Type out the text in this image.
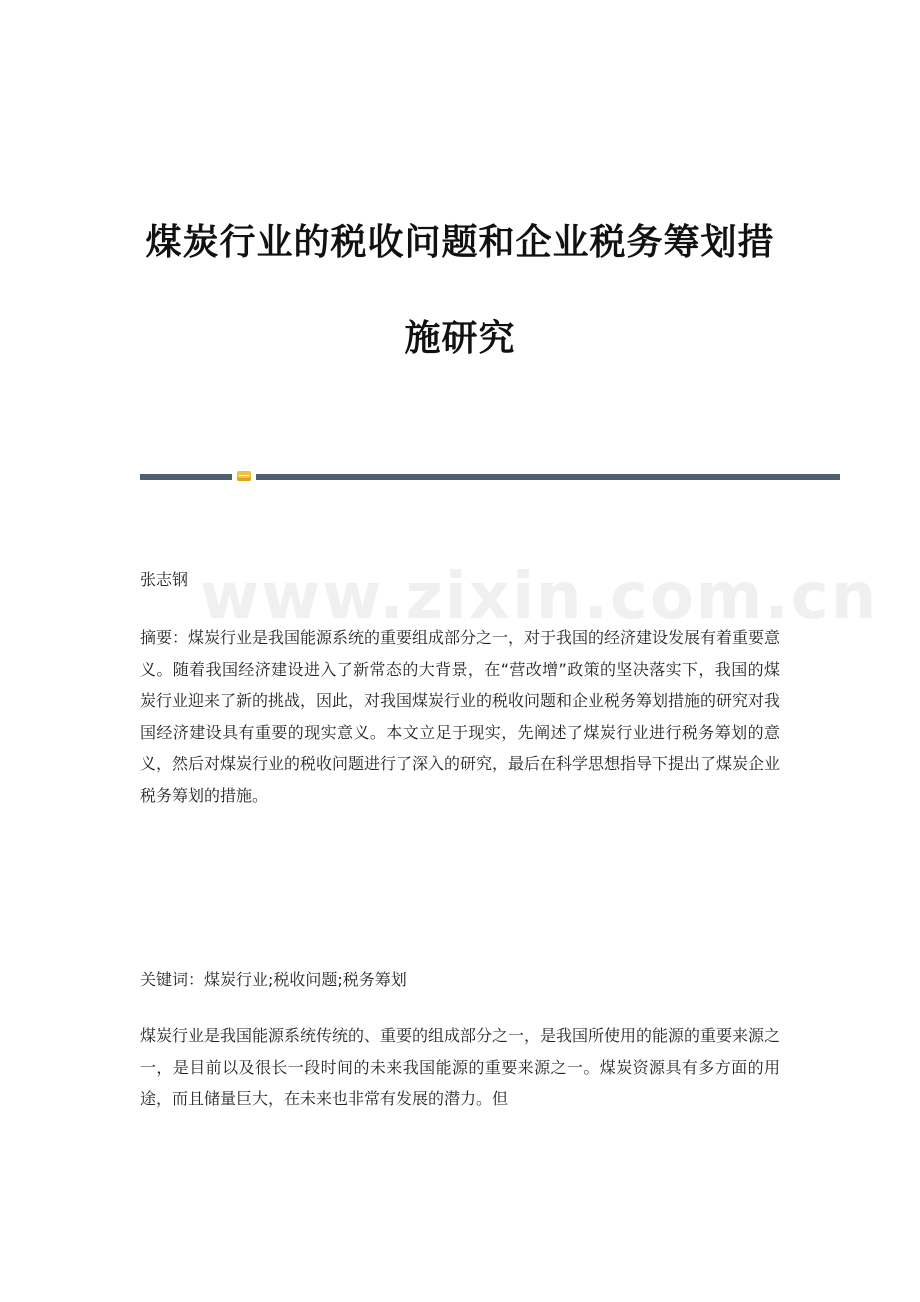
煤炭行业的税收问题和企业税务筹划措
施研究
www.zixin.com.cn

张志钢

摘要：煤炭行业是我国能源系统的重要组成部分之一，对于我国的经济建设发展有着重要意义。随着我国经济建设进入了新常态的大背景，在“营改增”政策的坚决落实下，我国的煤炭行业迎来了新的挑战，因此，对我国煤炭行业的税收问题和企业税务筹划措施的研究对我国经济建设具有重要的现实意义。本文立足于现实，先阐述了煤炭行业进行税务筹划的意义，然后对煤炭行业的税收问题进行了深入的研究，最后在科学思想指导下提出了煤炭企业税务筹划的措施。

关键词：煤炭行业;税收问题;税务筹划

煤炭行业是我国能源系统传统的、重要的组成部分之一，是我国所使用的能源的重要来源之一，是目前以及很长一段时间的未来我国能源的重要来源之一。煤炭资源具有多方面的用途，而且储量巨大，在未来也非常有发展的潜力。但
